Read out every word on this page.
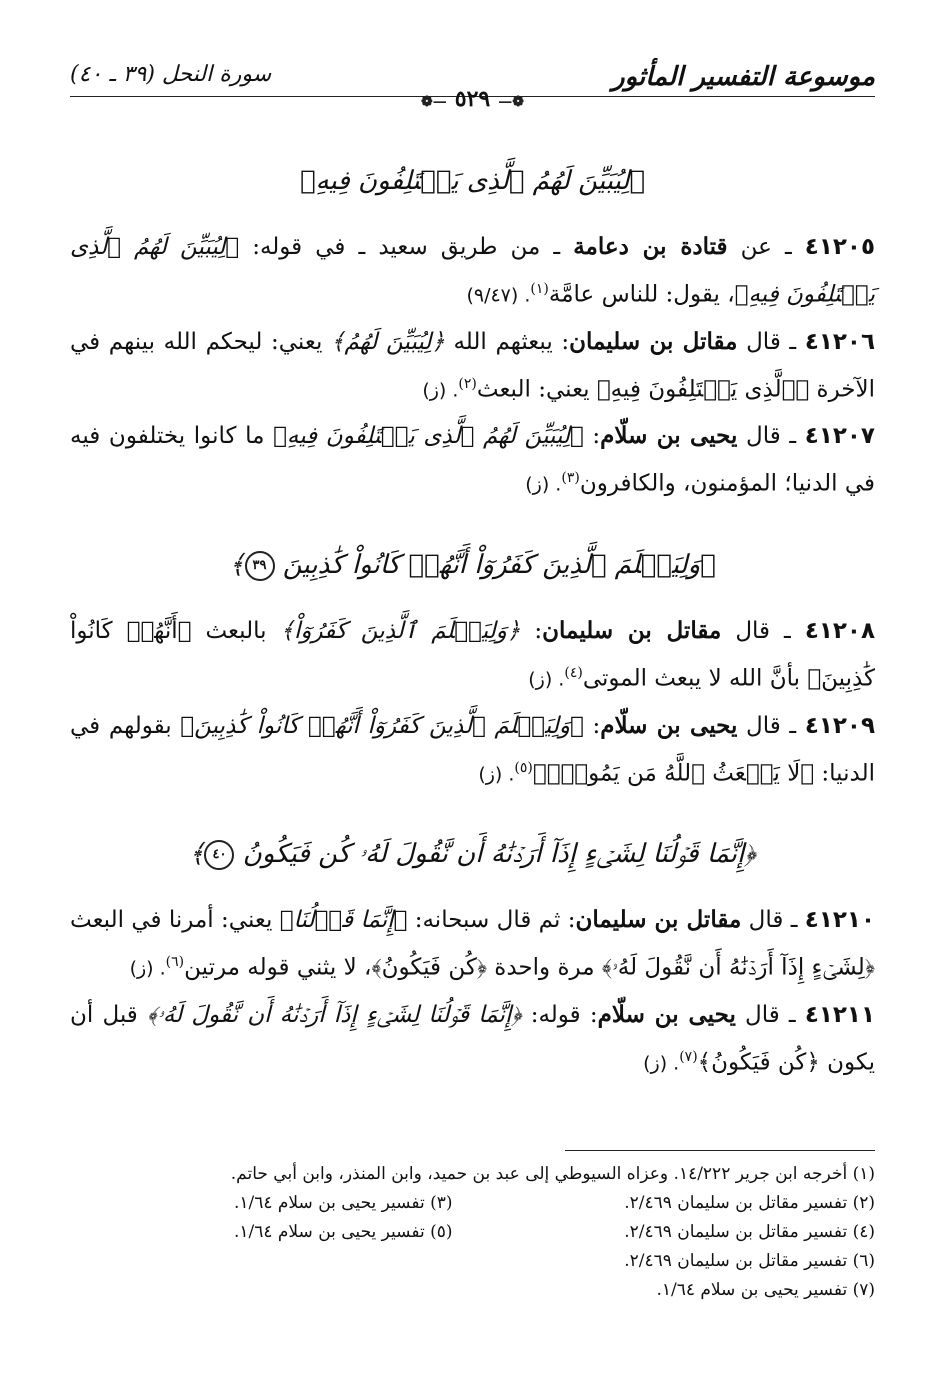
موسوعة التفسير المأثور
سورة النحل (٣٩ ـ ٤٠)
❁—٥٢٩—❁
﴿لِيُبَيِّنَ لَهُمُ ٱلَّذِى يَخۡتَلِفُونَ فِيهِ﴾

٤١٢٠٥ ـ عن قتادة بن دعامة ـ من طريق سعيد ـ في قوله: ﴿لِيُبَيِّنَ لَهُمُ ٱلَّذِى يَخۡتَلِفُونَ فِيهِ﴾، يقول: للناس عامَّة$^{(١)}$. (٩/٤٧)

٤١٢٠٦ ـ قال مقاتل بن سليمان: يبعثهم الله ﴿لِيُبَيِّنَ لَهُمُ﴾ يعني: ليحكم الله بينهم في الآخرة ﴿ٱلَّذِى يَخۡتَلِفُونَ فِيهِ﴾ يعني: البعث$^{(٢)}$. (ز)

٤١٢٠٧ ـ قال يحيى بن سلّام: ﴿لِيُبَيِّنَ لَهُمُ ٱلَّذِى يَخۡتَلِفُونَ فِيهِ﴾ ما كانوا يختلفون فيه في الدنيا؛ المؤمنون، والكافرون$^{(٣)}$. (ز)

﴿وَلِيَعۡلَمَ ٱلَّذِينَ كَفَرُوٓاْ أَنَّهُمۡ كَانُواْ كَٰذِبِينَ ٣٩﴾

٤١٢٠٨ ـ قال مقاتل بن سليمان: ﴿وَلِيَعۡلَمَ ٱلَّذِينَ كَفَرُوٓاْ﴾ بالبعث ﴿أَنَّهُمۡ كَانُواْ كَٰذِبِينَ﴾ بأنَّ الله لا يبعث الموتى$^{(٤)}$. (ز)

٤١٢٠٩ ـ قال يحيى بن سلّام: ﴿وَلِيَعۡلَمَ ٱلَّذِينَ كَفَرُوٓاْ أَنَّهُمۡ كَانُواْ كَٰذِبِينَ﴾ بقولهم في الدنيا: ﴿لَا يَبۡعَثُ ٱللَّهُ مَن يَمُوتُۚ﴾$^{(٥)}$. (ز)

﴿إِنَّمَا قَوۡلُنَا لِشَىۡءٍ إِذَآ أَرَدۡنَٰهُ أَن نَّقُولَ لَهُۥ كُن فَيَكُونُ ٤٠﴾

٤١٢١٠ ـ قال مقاتل بن سليمان: ثم قال سبحانه: ﴿إِنَّمَا قَوۡلُنَا﴾ يعني: أمرنا في البعث ﴿لِشَىۡءٍ إِذَآ أَرَدۡنَٰهُ أَن نَّقُولَ لَهُۥ﴾ مرة واحدة ﴿كُن فَيَكُونُ﴾، لا يثني قوله مرتين$^{(٦)}$. (ز)

٤١٢١١ ـ قال يحيى بن سلّام: قوله: ﴿إِنَّمَا قَوۡلُنَا لِشَىۡءٍ إِذَآ أَرَدۡنَٰهُ أَن نَّقُولَ لَهُۥ﴾ قبل أن يكون ﴿كُن فَيَكُونُ﴾$^{(٧)}$. (ز)

(١) أخرجه ابن جرير ١٤/٢٢٢. وعزاه السيوطي إلى عبد بن حميد، وابن المنذر، وابن أبي حاتم.
(٢) تفسير مقاتل بن سليمان ٢/٤٦٩.
(٣) تفسير يحيى بن سلام ١/٦٤.
(٤) تفسير مقاتل بن سليمان ٢/٤٦٩.
(٥) تفسير يحيى بن سلام ١/٦٤.
(٦) تفسير مقاتل بن سليمان ٢/٤٦٩.
(٧) تفسير يحيى بن سلام ١/٦٤.
